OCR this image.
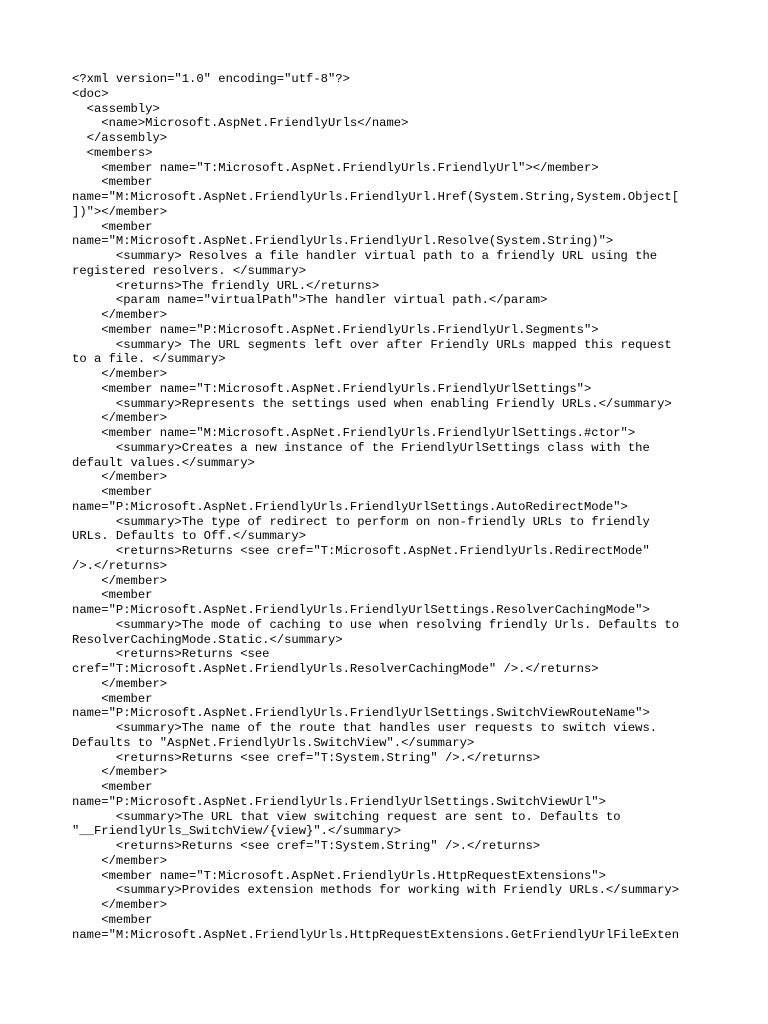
<?xml version="1.0" encoding="utf-8"?>
<doc>
<assembly>
<name>Microsoft.AspNet.FriendlyUrls</name>
</assembly>
<members>
<member name="T:Microsoft.AspNet.FriendlyUrls.FriendlyUrl"></member>
<member
name="M:Microsoft.AspNet.FriendlyUrls.FriendlyUrl.Href(System.String,System.Object[
])"></member>
<member
name="M:Microsoft.AspNet.FriendlyUrls.FriendlyUrl.Resolve(System.String)">
<summary> Resolves a file handler virtual path to a friendly URL using the
registered resolvers. </summary>
<returns>The friendly URL.</returns>
<param name="virtualPath">The handler virtual path.</param>
</member>
<member name="P:Microsoft.AspNet.FriendlyUrls.FriendlyUrl.Segments">
<summary> The URL segments left over after Friendly URLs mapped this request
to a file. </summary>
</member>
<member name="T:Microsoft.AspNet.FriendlyUrls.FriendlyUrlSettings">
<summary>Represents the settings used when enabling Friendly URLs.</summary>
</member>
<member name="M:Microsoft.AspNet.FriendlyUrls.FriendlyUrlSettings.#ctor">
<summary>Creates a new instance of the FriendlyUrlSettings class with the
default values.</summary>
</member>
<member
name="P:Microsoft.AspNet.FriendlyUrls.FriendlyUrlSettings.AutoRedirectMode">
<summary>The type of redirect to perform on non-friendly URLs to friendly
URLs. Defaults to Off.</summary>
<returns>Returns <see cref="T:Microsoft.AspNet.FriendlyUrls.RedirectMode"
/>.</returns>
</member>
<member
name="P:Microsoft.AspNet.FriendlyUrls.FriendlyUrlSettings.ResolverCachingMode">
<summary>The mode of caching to use when resolving friendly Urls. Defaults to
ResolverCachingMode.Static.</summary>
<returns>Returns <see
cref="T:Microsoft.AspNet.FriendlyUrls.ResolverCachingMode" />.</returns>
</member>
<member
name="P:Microsoft.AspNet.FriendlyUrls.FriendlyUrlSettings.SwitchViewRouteName">
<summary>The name of the route that handles user requests to switch views.
Defaults to "AspNet.FriendlyUrls.SwitchView".</summary>
<returns>Returns <see cref="T:System.String" />.</returns>
</member>
<member
name="P:Microsoft.AspNet.FriendlyUrls.FriendlyUrlSettings.SwitchViewUrl">
<summary>The URL that view switching request are sent to. Defaults to
"__FriendlyUrls_SwitchView/{view}".</summary>
<returns>Returns <see cref="T:System.String" />.</returns>
</member>
<member name="T:Microsoft.AspNet.FriendlyUrls.HttpRequestExtensions">
<summary>Provides extension methods for working with Friendly URLs.</summary>
</member>
<member
name="M:Microsoft.AspNet.FriendlyUrls.HttpRequestExtensions.GetFriendlyUrlFileExten
